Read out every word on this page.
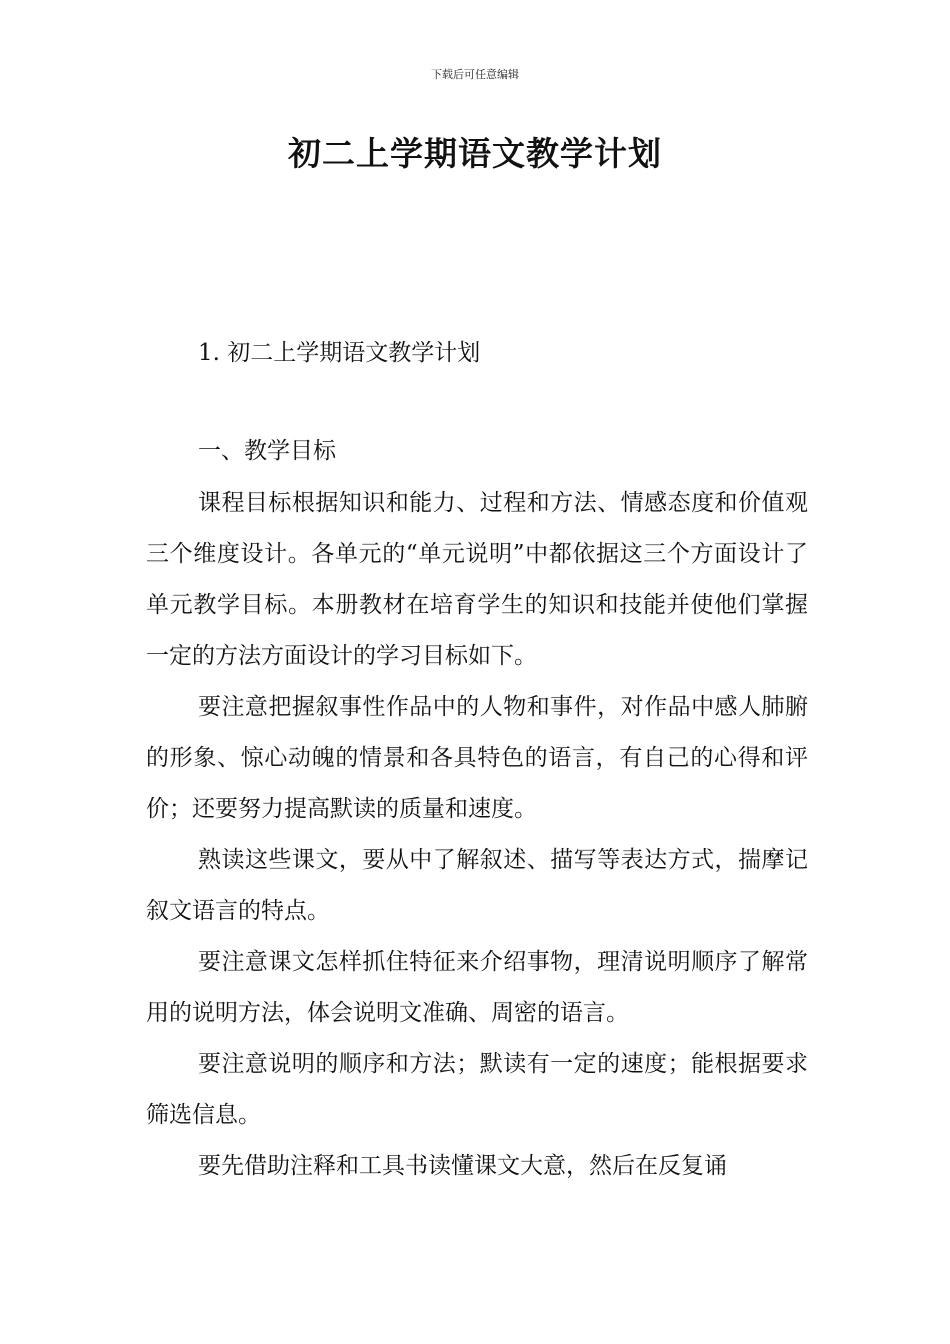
下载后可任意编辑
初二上学期语文教学计划
1. 初二上学期语文教学计划
一、教学目标

课程目标根据知识和能力、过程和方法、情感态度和价值观三个维度设计。各单元的“单元说明”中都依据这三个方面设计了单元教学目标。本册教材在培育学生的知识和技能并使他们掌握一定的方法方面设计的学习目标如下。

要注意把握叙事性作品中的人物和事件，对作品中感人肺腑的形象、惊心动魄的情景和各具特色的语言，有自己的心得和评价；还要努力提高默读的质量和速度。

熟读这些课文，要从中了解叙述、描写等表达方式，揣摩记叙文语言的特点。

要注意课文怎样抓住特征来介绍事物，理清说明顺序了解常用的说明方法，体会说明文准确、周密的语言。

要注意说明的顺序和方法；默读有一定的速度；能根据要求筛选信息。

要先借助注释和工具书读懂课文大意，然后在反复诵
